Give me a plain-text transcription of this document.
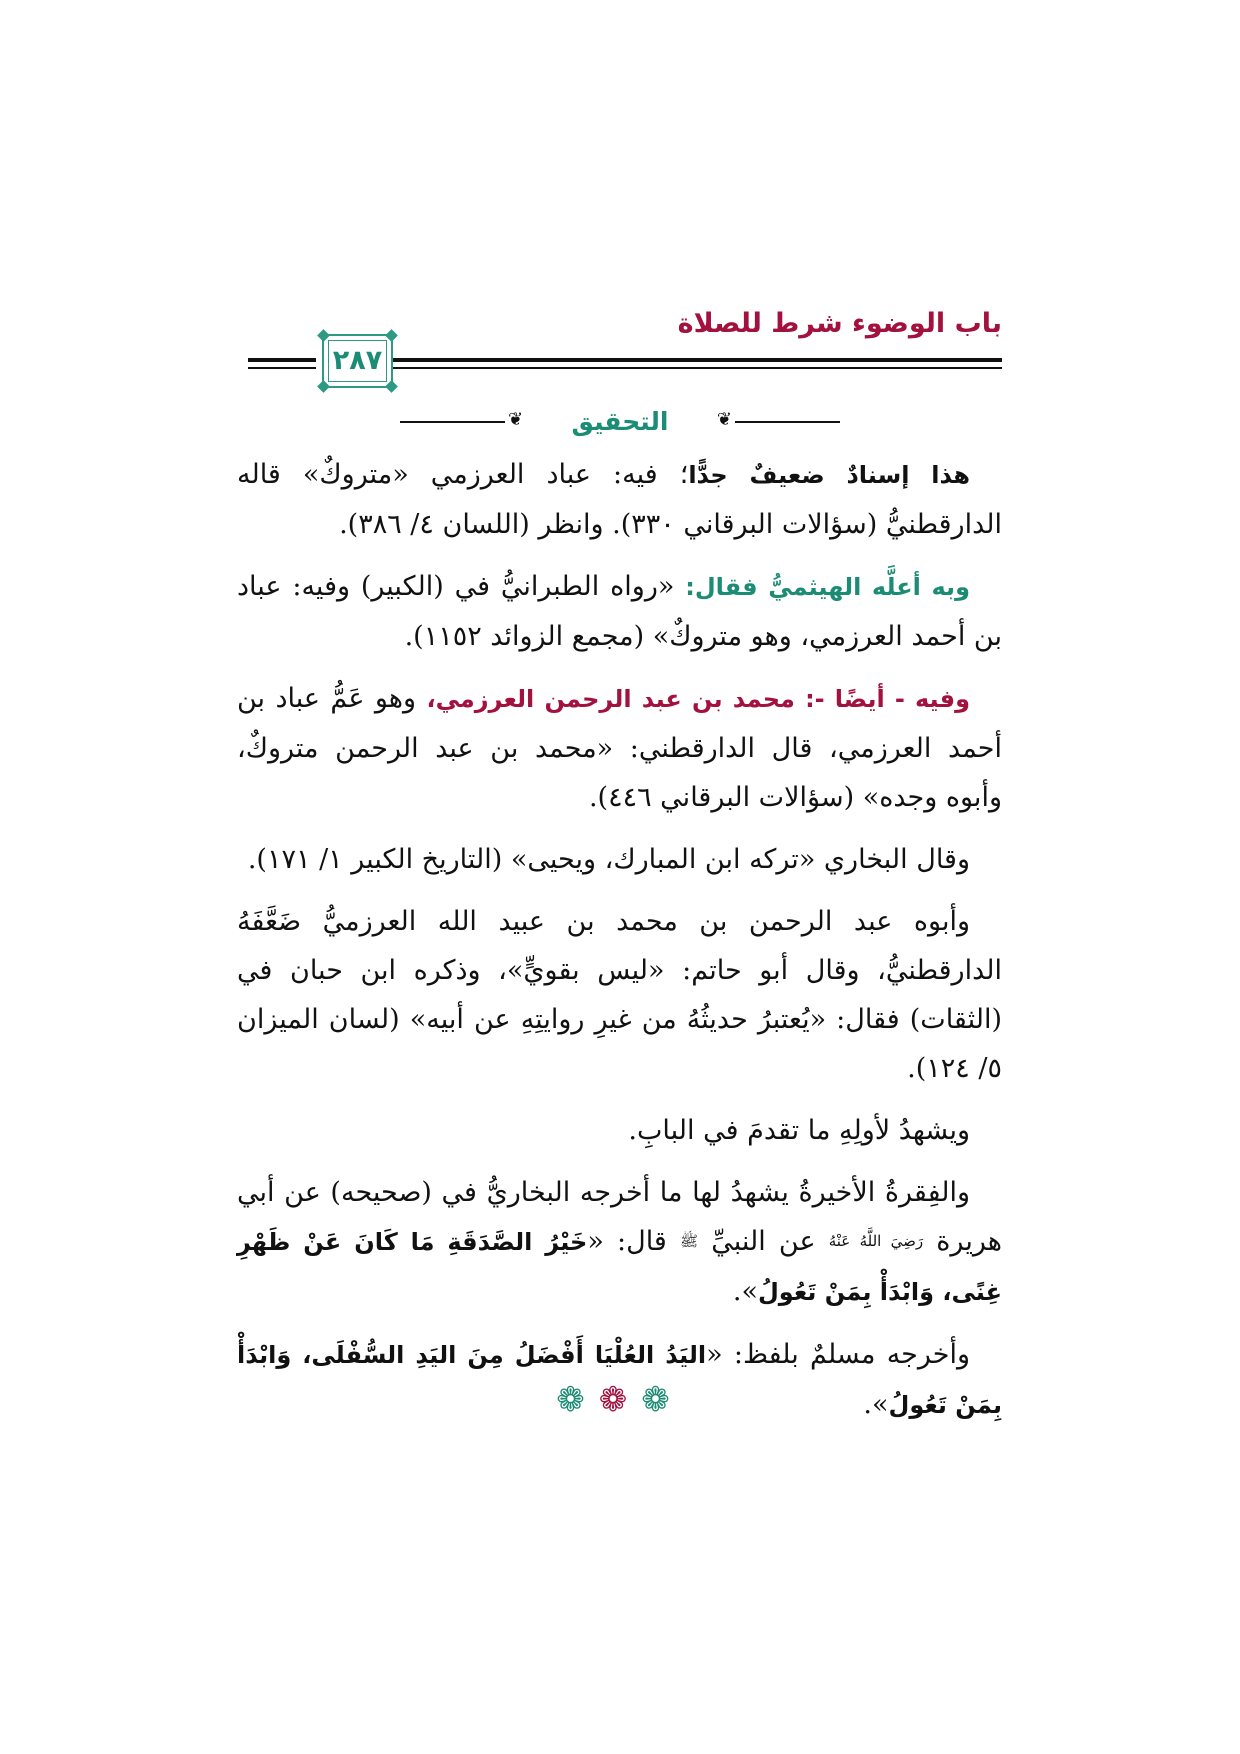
باب الوضوء شرط للصلاة
٢٨٧
❦
التحقيق
❦

هذا إسنادٌ ضعيفٌ جدًّا؛ فيه: عباد العرزمي «متروكٌ» قاله الدارقطنيُّ (سؤالات البرقاني ٣٣٠). وانظر (اللسان ٤/ ٣٨٦).

وبه أعلَّه الهيثميُّ فقال: «رواه الطبرانيُّ في (الكبير) وفيه: عباد بن أحمد العرزمي، وهو متروكٌ» (مجمع الزوائد ١١٥٢).

وفيه - أيضًا -: محمد بن عبد الرحمن العرزمي، وهو عَمُّ عباد بن أحمد العرزمي، قال الدارقطني: «محمد بن عبد الرحمن متروكٌ، وأبوه وجده» (سؤالات البرقاني ٤٤٦).

وقال البخاري «تركه ابن المبارك، ويحيى» (التاريخ الكبير ١/ ١٧١).

وأبوه عبد الرحمن بن محمد بن عبيد الله العرزميُّ ضَعَّفَهُ الدارقطنيُّ، وقال أبو حاتم: «ليس بقويٍّ»، وذكره ابن حبان في (الثقات) فقال: «يُعتبرُ حديثُهُ من غيرِ روايتِهِ عن أبيه» (لسان الميزان ٥/ ١٢٤).

ويشهدُ لأولِهِ ما تقدمَ في البابِ.

والفِقرةُ الأخيرةُ يشهدُ لها ما أخرجه البخاريُّ في (صحيحه) عن أبي هريرة رَضِيَ اللَّهُ عَنْهُ عن النبيِّ ﷺ قال: «خَيْرُ الصَّدَقَةِ مَا كَانَ عَنْ ظَهْرِ غِنًى، وَابْدَأْ بِمَنْ تَعُولُ».

وأخرجه مسلمٌ بلفظ: «اليَدُ العُلْيَا أَفْضَلُ مِنَ اليَدِ السُّفْلَى، وَابْدَأْ بِمَنْ تَعُولُ».

❁❁❁
